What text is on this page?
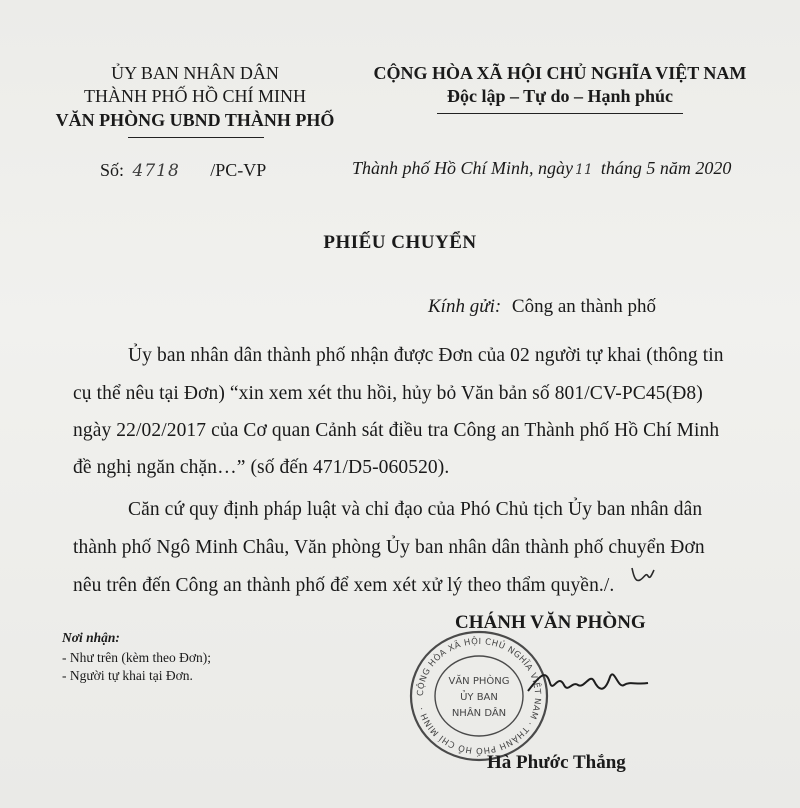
ỦY BAN NHÂN DÂN
THÀNH PHỐ HỒ CHÍ MINH
VĂN PHÒNG UBND THÀNH PHỐ
CỘNG HÒA XÃ HỘI CHỦ NGHĨA VIỆT NAM
Độc lập – Tự do – Hạnh phúc
Số: 4718 /PC-VP	Thành phố Hồ Chí Minh, ngày 11 tháng 5 năm 2020
PHIẾU CHUYỂN
Kính gửi: Công an thành phố
Ủy ban nhân dân thành phố nhận được Đơn của 02 người tự khai (thông tin
cụ thể nêu tại Đơn) “xin xem xét thu hồi, hủy bỏ Văn bản số 801/CV-PC45(Đ8)
ngày 22/02/2017 của Cơ quan Cảnh sát điều tra Công an Thành phố Hồ Chí Minh
đề nghị ngăn chặn…” (số đến 471/D5-060520).
Căn cứ quy định pháp luật và chỉ đạo của Phó Chủ tịch Ủy ban nhân dân
thành phố Ngô Minh Châu, Văn phòng Ủy ban nhân dân thành phố chuyển Đơn
nêu trên đến Công an thành phố để xem xét xử lý theo thẩm quyền./.
CHÁNH VĂN PHÒNG
Nơi nhận:
- Như trên (kèm theo Đơn);
- Người tự khai tại Đơn.
CỘNG HÒA XÃ HỘI CHỦ NGHĨA VIỆT NAM · THÀNH PHỐ HỒ CHÍ MINH ·
VĂN PHÒNG
ỦY BAN
NHÂN DÂN
Hà Phước Thắng
